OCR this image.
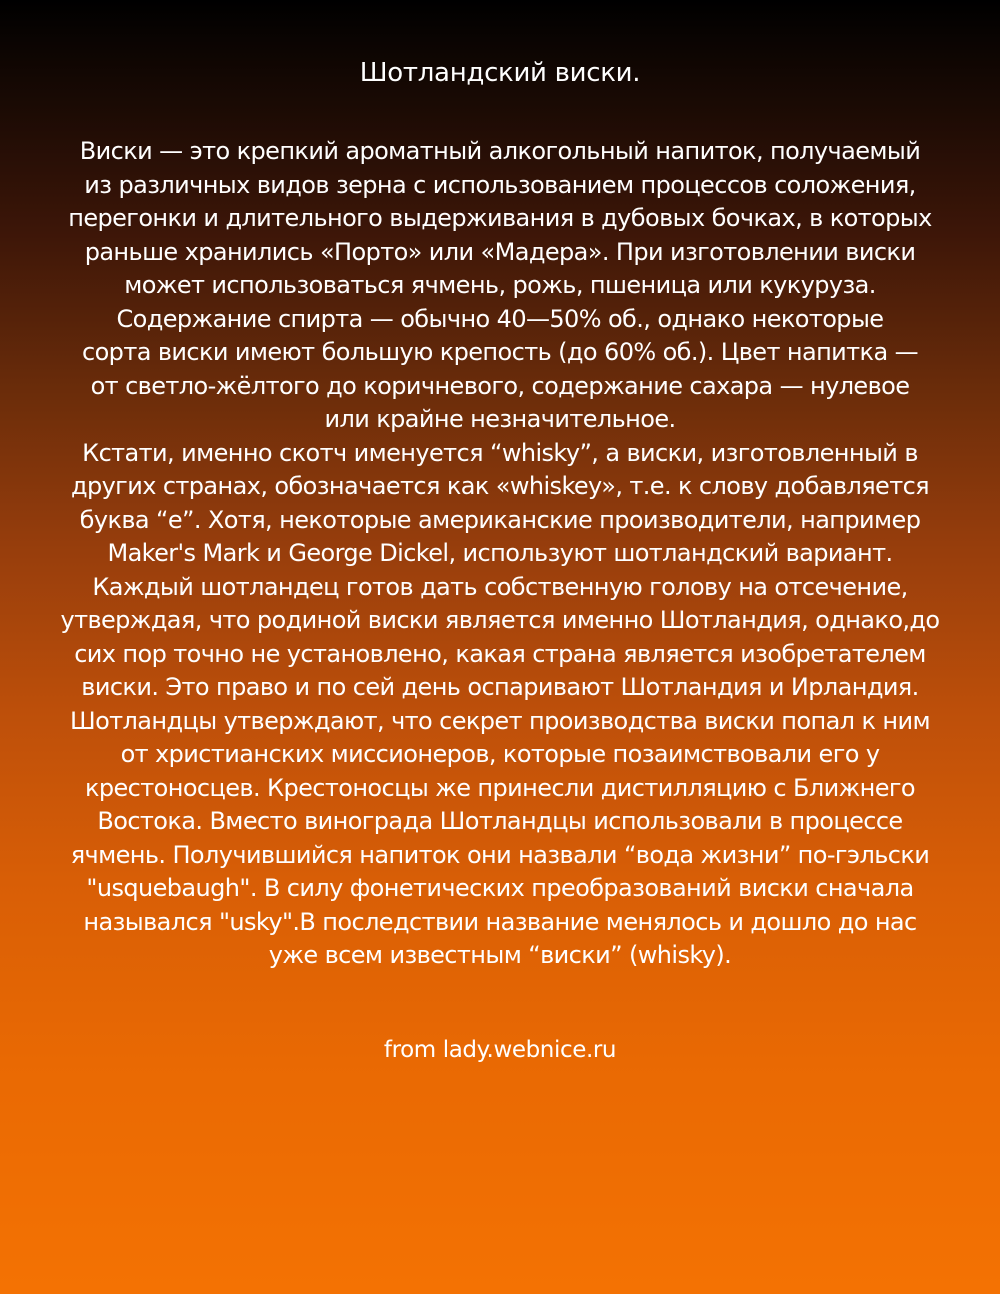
Шотландский виски.
Виски — это крепкий ароматный алкогольный напиток, получаемый
из различных видов зерна с использованием процессов соложения,
перегонки и длительного выдерживания в дубовых бочках, в которых
раньше хранились «Порто» или «Мадера». При изготовлении виски
может использоваться ячмень, рожь, пшеница или кукуруза.
Содержание спирта — обычно 40—50% об., однако некоторые
сорта виски имеют большую крепость (до 60% об.). Цвет напитка —
от светло-жёлтого до коричневого, содержание сахара — нулевое
или крайне незначительное.
Кстати, именно скотч именуется “whisky”, а виски, изготовленный в
других странах, обозначается как «whiskey», т.е. к слову добавляется
буква “e”. Хотя, некоторые американские производители, например
Maker's Mark и George Dickel, используют шотландский вариант.
Каждый шотландец готов дать собственную голову на отсечение,
утверждая, что родиной виски является именно Шотландия, однако,до
сих пор точно не установлено, какая страна является изобретателем
виски. Это право и по сей день оспаривают Шотландия и Ирландия.
Шотландцы утверждают, что секрет производства виски попал к ним
от христианских миссионеров, которые позаимствовали его у
крестоносцев. Крестоносцы же принесли дистилляцию с Ближнего
Востока. Вместо винограда Шотландцы использовали в процессе
ячмень. Получившийся напиток они назвали “вода жизни” по-гэльски
"usquebaugh". В силу фонетических преобразований виски сначала
назывался "usky".В последствии название менялось и дошло до нас
уже всем известным “виски” (whisky).
from lady.webnice.ru
